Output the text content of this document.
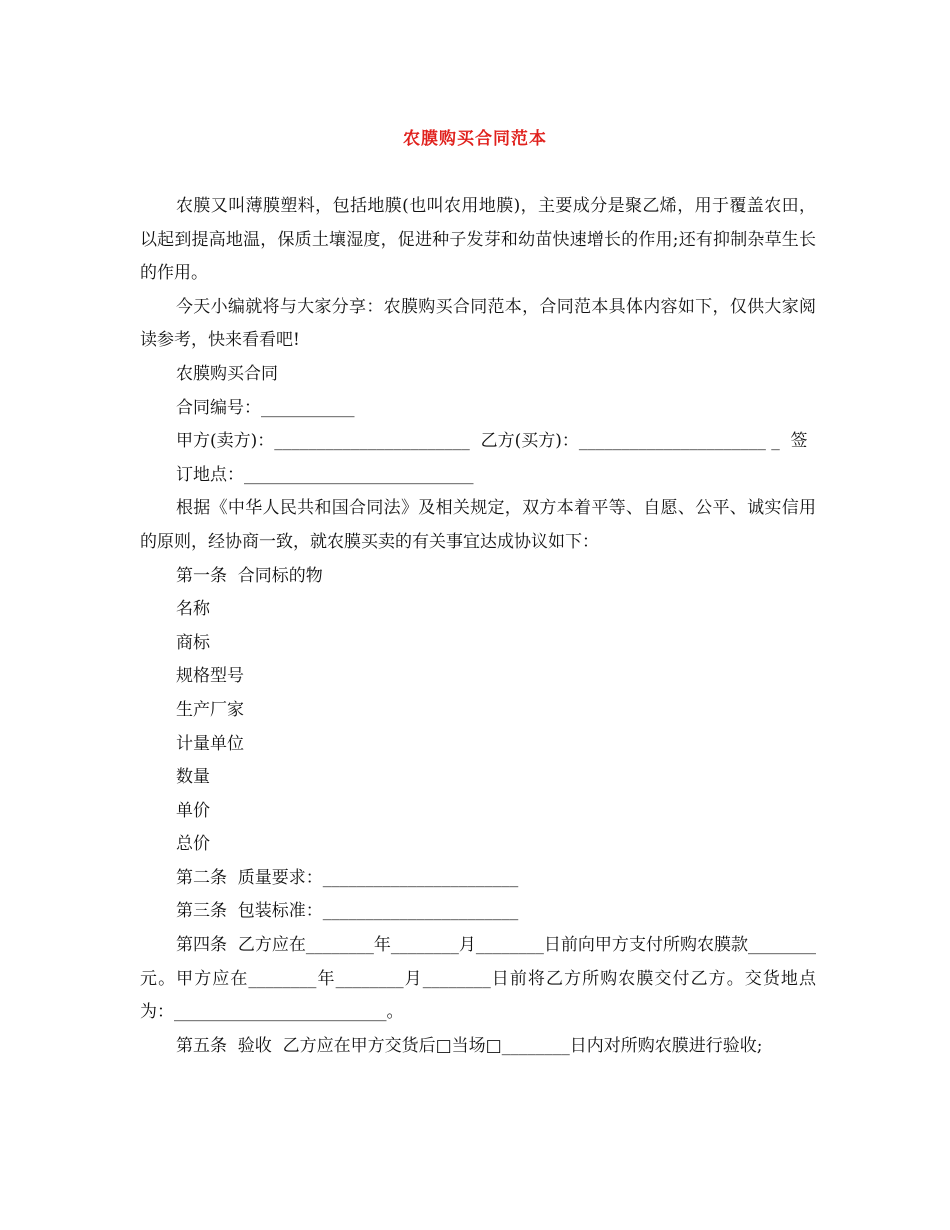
农膜购买合同范本

农膜又叫薄膜塑料，包括地膜(也叫农用地膜)，主要成分是聚乙烯，用于覆盖农田，以起到提高地温，保质土壤湿度，促进种子发芽和幼苗快速增长的作用;还有抑制杂草生长的作用。

今天小编就将与大家分享：农膜购买合同范本，合同范本具体内容如下，仅供大家阅读参考，快来看看吧!

农膜购买合同

合同编号：___________

甲方(卖方)：_______________________  乙方(买方)：______________________ _  签

订地点：___________________________

根据《中华人民共和国合同法》及相关规定，双方本着平等、自愿、公平、诚实信用的原则，经协商一致，就农膜买卖的有关事宜达成协议如下：

第一条  合同标的物

名称

商标

规格型号

生产厂家

计量单位

数量

单价

总价

第二条  质量要求：_______________________

第三条  包装标准：_______________________

第四条  乙方应在________年________月________日前向甲方支付所购农膜款________元。甲方应在________年________月________日前将乙方所购农膜交付乙方。交货地点为：_________________________。

第五条  验收  乙方应在甲方交货后□当场□________日内对所购农膜进行验收;
